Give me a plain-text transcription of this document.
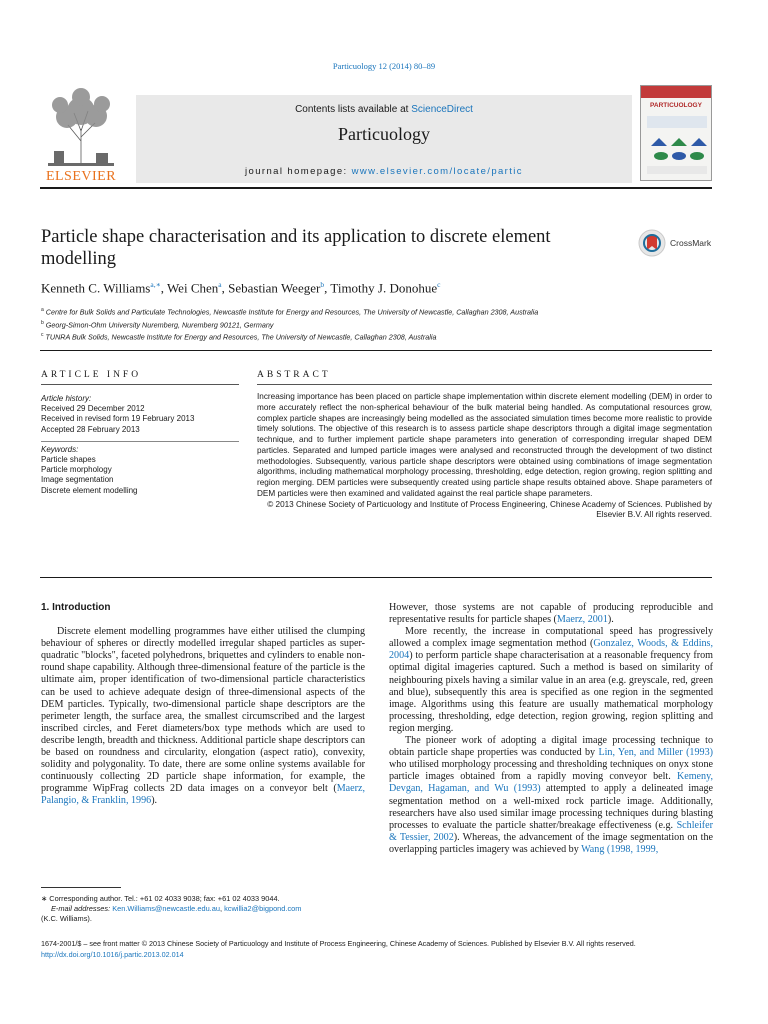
Particuology 12 (2014) 80–89
ELSEVIER
Contents lists available at ScienceDirect
Particuology
journal homepage: www.elsevier.com/locate/partic
PARTICUOLOGY
Particle shape characterisation and its application to discrete element modelling
CrossMark
Kenneth C. Williams$^{a,∗}$, Wei Chen$^a$, Sebastian Weeger$^b$, Timothy J. Donohue$^c$
$^a$ Centre for Bulk Solids and Particulate Technologies, Newcastle Institute for Energy and Resources, The University of Newcastle, Callaghan 2308, Australia
$^b$ Georg-Simon-Ohm University Nuremberg, Nuremberg 90121, Germany
$^c$ TUNRA Bulk Solids, Newcastle Institute for Energy and Resources, The University of Newcastle, Callaghan 2308, Australia
ARTICLE INFO	ABSTRACT
Article history:
Received 29 December 2012
Received in revised form 19 February 2013
Accepted 28 February 2013
Keywords:
Particle shapes
Particle morphology
Image segmentation
Discrete element modelling
Increasing importance has been placed on particle shape implementation within discrete element modelling (DEM) in order to more accurately reflect the non-spherical behaviour of the bulk material being handled. As computational resources grow, complex particle shapes are increasingly being modelled as the associated simulation times become more realistic to provide timely solutions. The objective of this research is to assess particle shape descriptors through a digital image segmentation technique, and to further implement particle shape parameters into generation of corresponding irregular shaped DEM particles. Separated and lumped particle images were analysed and reconstructed through the development of two distinct methodologies. Subsequently, various particle shape descriptors were obtained using combinations of image segmentation algorithms, including mathematical morphology processing, thresholding, edge detection, region growing, region splitting and region merging. DEM particles were subsequently created using particle shape results obtained above. Shape parameters of DEM particles were then examined and validated against the real particle shape parameters.
© 2013 Chinese Society of Particuology and Institute of Process Engineering, Chinese Academy of Sciences. Published by Elsevier B.V. All rights reserved.
1. Introduction

Discrete element modelling programmes have either utilised the clumping behaviour of spheres or directly modelled irregular shaped particles as super-quadratic "blocks", faceted polyhedrons, briquettes and cylinders to enable non-round shape capability. Although three-dimensional feature of the particle is the ultimate aim, proper identification of two-dimensional particle characteristics can be used to achieve adequate design of three-dimensional aspects of the DEM particles. Typically, two-dimensional particle shape descriptors are the perimeter length, the surface area, the smallest circumscribed and the largest inscribed circles, and Feret diameters/box type methods which are used to describe length, breadth and thickness. Additional particle shape descriptors can be based on roundness and circularity, elongation (aspect ratio), convexity, solidity and polygonality. To date, there are some online systems available for continuously collecting 2D particle shape information, for example, the programme WipFrag collects 2D data images on a conveyor belt (Maerz, Palangio, & Franklin, 1996).

∗ Corresponding author. Tel.: +61 02 4033 9038; fax: +61 02 4033 9044.
E-mail addresses: Ken.Williams@newcastle.edu.au, kcwillia2@bigpond.com
(K.C. Williams).

However, those systems are not capable of producing reproducible and representative results for particle shapes (Maerz, 2001).

More recently, the increase in computational speed has progressively allowed a complex image segmentation method (Gonzalez, Woods, & Eddins, 2004) to perform particle shape characterisation at a reasonable frequency from optimal digital imageries captured. Such a method is based on similarity of neighbouring pixels having a similar value in an area (e.g. greyscale, red, green and blue), subsequently this area is specified as one region in the segmented image. Algorithms using this feature are usually mathematical morphology processing, thresholding, edge detection, region growing, region splitting and region merging.

The pioneer work of adopting a digital image processing technique to obtain particle shape properties was conducted by Lin, Yen, and Miller (1993) who utilised morphology processing and thresholding techniques on onyx stone particle images obtained from a rapidly moving conveyor belt. Kemeny, Devgan, Hagaman, and Wu (1993) attempted to apply a delineated image segmentation method on a well-mixed rock particle image. Additionally, researchers have also used similar image processing techniques during blasting processes to evaluate the particle shatter/breakage effectiveness (e.g. Schleifer & Tessier, 2002). Whereas, the advancement of the image segmentation on the overlapping particles imagery was achieved by Wang (1998, 1999,

1674-2001/$ – see front matter © 2013 Chinese Society of Particuology and Institute of Process Engineering, Chinese Academy of Sciences. Published by Elsevier B.V. All rights reserved.
http://dx.doi.org/10.1016/j.partic.2013.02.014
